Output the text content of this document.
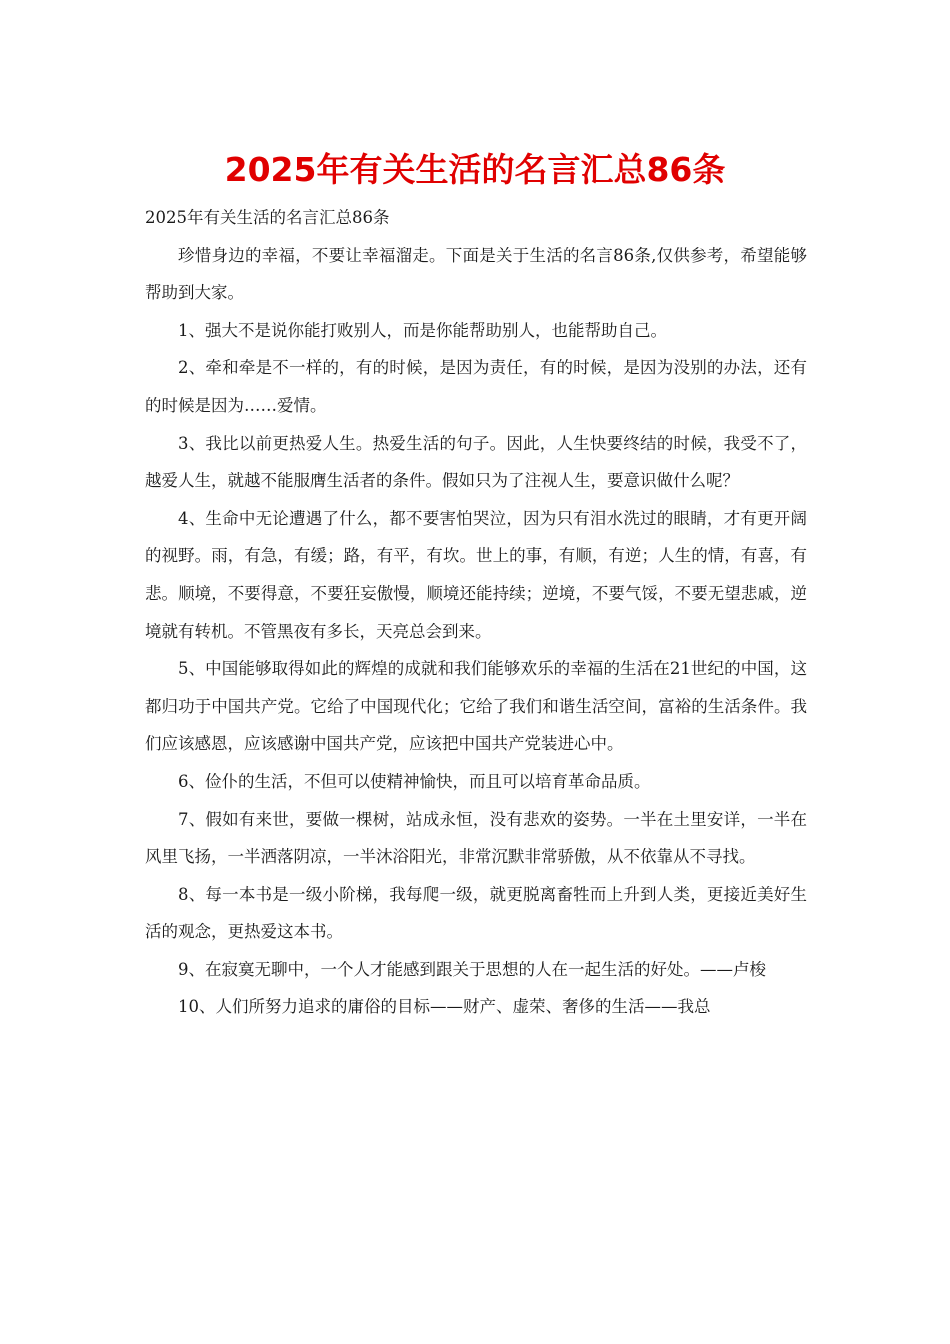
2025年有关生活的名言汇总86条

2025年有关生活的名言汇总86条

珍惜身边的幸福，不要让幸福溜走。下面是关于生活的名言86条,仅供参考，希望能够帮助到大家。

1、强大不是说你能打败别人，而是你能帮助别人，也能帮助自己。

2、牵和牵是不一样的，有的时候，是因为责任，有的时候，是因为没别的办法，还有的时候是因为……爱情。

3、我比以前更热爱人生。热爱生活的句子。因此，人生快要终结的时候，我受不了，越爱人生，就越不能服膺生活者的条件。假如只为了注视人生，要意识做什么呢？

4、生命中无论遭遇了什么，都不要害怕哭泣，因为只有泪水洗过的眼睛，才有更开阔的视野。雨，有急，有缓；路，有平，有坎。世上的事，有顺，有逆；人生的情，有喜，有悲。顺境，不要得意，不要狂妄傲慢，顺境还能持续；逆境，不要气馁，不要无望悲戚，逆境就有转机。不管黑夜有多长，天亮总会到来。

5、中国能够取得如此的辉煌的成就和我们能够欢乐的幸福的生活在21世纪的中国，这都归功于中国共产党。它给了中国现代化；它给了我们和谐生活空间，富裕的生活条件。我们应该感恩，应该感谢中国共产党，应该把中国共产党装进心中。

6、俭仆的生活，不但可以使精神愉快，而且可以培育革命品质。

7、假如有来世，要做一棵树，站成永恒，没有悲欢的姿势。一半在土里安详，一半在风里飞扬，一半洒落阴凉，一半沐浴阳光，非常沉默非常骄傲，从不依靠从不寻找。

8、每一本书是一级小阶梯，我每爬一级，就更脱离畜牲而上升到人类，更接近美好生活的观念，更热爱这本书。

9、在寂寞无聊中，一个人才能感到跟关于思想的人在一起生活的好处。——卢梭

10、人们所努力追求的庸俗的目标——财产、虚荣、奢侈的生活——我总
